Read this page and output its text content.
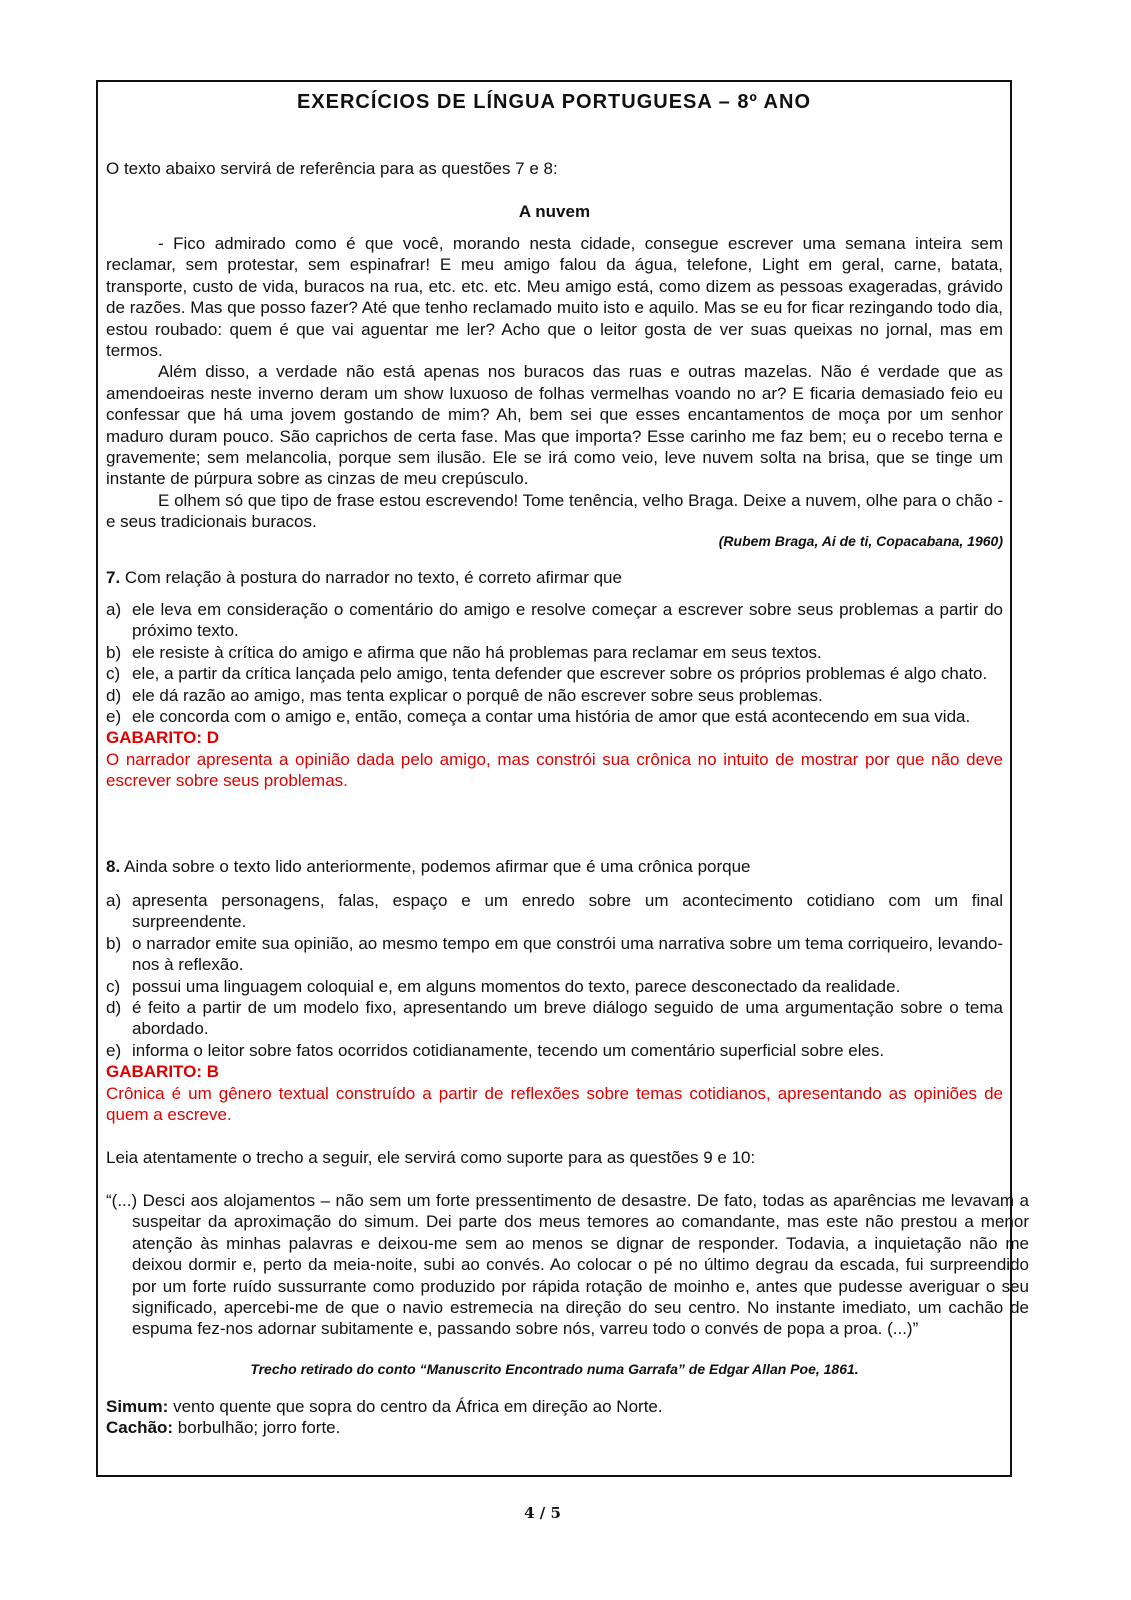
EXERCÍCIOS DE LÍNGUA PORTUGUESA – 8º ANO
O texto abaixo servirá de referência para as questões 7 e 8:
A nuvem

- Fico admirado como é que você, morando nesta cidade, consegue escrever uma semana inteira sem reclamar, sem protestar, sem espinafrar! E meu amigo falou da água, telefone, Light em geral, carne, batata, transporte, custo de vida, buracos na rua, etc. etc. etc. Meu amigo está, como dizem as pessoas exageradas, grávido de razões. Mas que posso fazer? Até que tenho reclamado muito isto e aquilo. Mas se eu for ficar rezingando todo dia, estou roubado: quem é que vai aguentar me ler? Acho que o leitor gosta de ver suas queixas no jornal, mas em termos.

Além disso, a verdade não está apenas nos buracos das ruas e outras mazelas. Não é verdade que as amendoeiras neste inverno deram um show luxuoso de folhas vermelhas voando no ar? E ficaria demasiado feio eu confessar que há uma jovem gostando de mim? Ah, bem sei que esses encantamentos de moça por um senhor maduro duram pouco. São caprichos de certa fase. Mas que importa? Esse carinho me faz bem; eu o recebo terna e gravemente; sem melancolia, porque sem ilusão. Ele se irá como veio, leve nuvem solta na brisa, que se tinge um instante de púrpura sobre as cinzas de meu crepúsculo.

E olhem só que tipo de frase estou escrevendo! Tome tenência, velho Braga. Deixe a nuvem, olhe para o chão - e seus tradicionais buracos.

(Rubem Braga, Ai de ti, Copacabana, 1960)

7. Com relação à postura do narrador no texto, é correto afirmar que

a) ele leva em consideração o comentário do amigo e resolve começar a escrever sobre seus problemas a partir do próximo texto.

b) ele resiste à crítica do amigo e afirma que não há problemas para reclamar em seus textos.

c) ele, a partir da crítica lançada pelo amigo, tenta defender que escrever sobre os próprios problemas é algo chato.

d) ele dá razão ao amigo, mas tenta explicar o porquê de não escrever sobre seus problemas.

e) ele concorda com o amigo e, então, começa a contar uma história de amor que está acontecendo em sua vida.

GABARITO: D

O narrador apresenta a opinião dada pelo amigo, mas constrói sua crônica no intuito de mostrar por que não deve escrever sobre seus problemas.

8. Ainda sobre o texto lido anteriormente, podemos afirmar que é uma crônica porque

a) apresenta personagens, falas, espaço e um enredo sobre um acontecimento cotidiano com um final surpreendente.

b) o narrador emite sua opinião, ao mesmo tempo em que constrói uma narrativa sobre um tema corriqueiro, levando-nos à reflexão.

c) possui uma linguagem coloquial e, em alguns momentos do texto, parece desconectado da realidade.

d) é feito a partir de um modelo fixo, apresentando um breve diálogo seguido de uma argumentação sobre o tema abordado.

e) informa o leitor sobre fatos ocorridos cotidianamente, tecendo um comentário superficial sobre eles.

GABARITO: B

Crônica é um gênero textual construído a partir de reflexões sobre temas cotidianos, apresentando as opiniões de quem a escreve.

Leia atentamente o trecho a seguir, ele servirá como suporte para as questões 9 e 10:
“(...) Desci aos alojamentos – não sem um forte pressentimento de desastre. De fato, todas as aparências me levavam a suspeitar da aproximação do simum. Dei parte dos meus temores ao comandante, mas este não prestou a menor atenção às minhas palavras e deixou-me sem ao menos se dignar de responder. Todavia, a inquietação não me deixou dormir e, perto da meia-noite, subi ao convés. Ao colocar o pé no último degrau da escada, fui surpreendido por um forte ruído sussurrante como produzido por rápida rotação de moinho e, antes que pudesse averiguar o seu significado, apercebi-me de que o navio estremecia na direção do seu centro. No instante imediato, um cachão de espuma fez-nos adornar subitamente e, passando sobre nós, varreu todo o convés de popa a proa. (...)”
Trecho retirado do conto “Manuscrito Encontrado numa Garrafa” de Edgar Allan Poe, 1861.

Simum: vento quente que sopra do centro da África em direção ao Norte.

Cachão: borbulhão; jorro forte.

4 / 5
